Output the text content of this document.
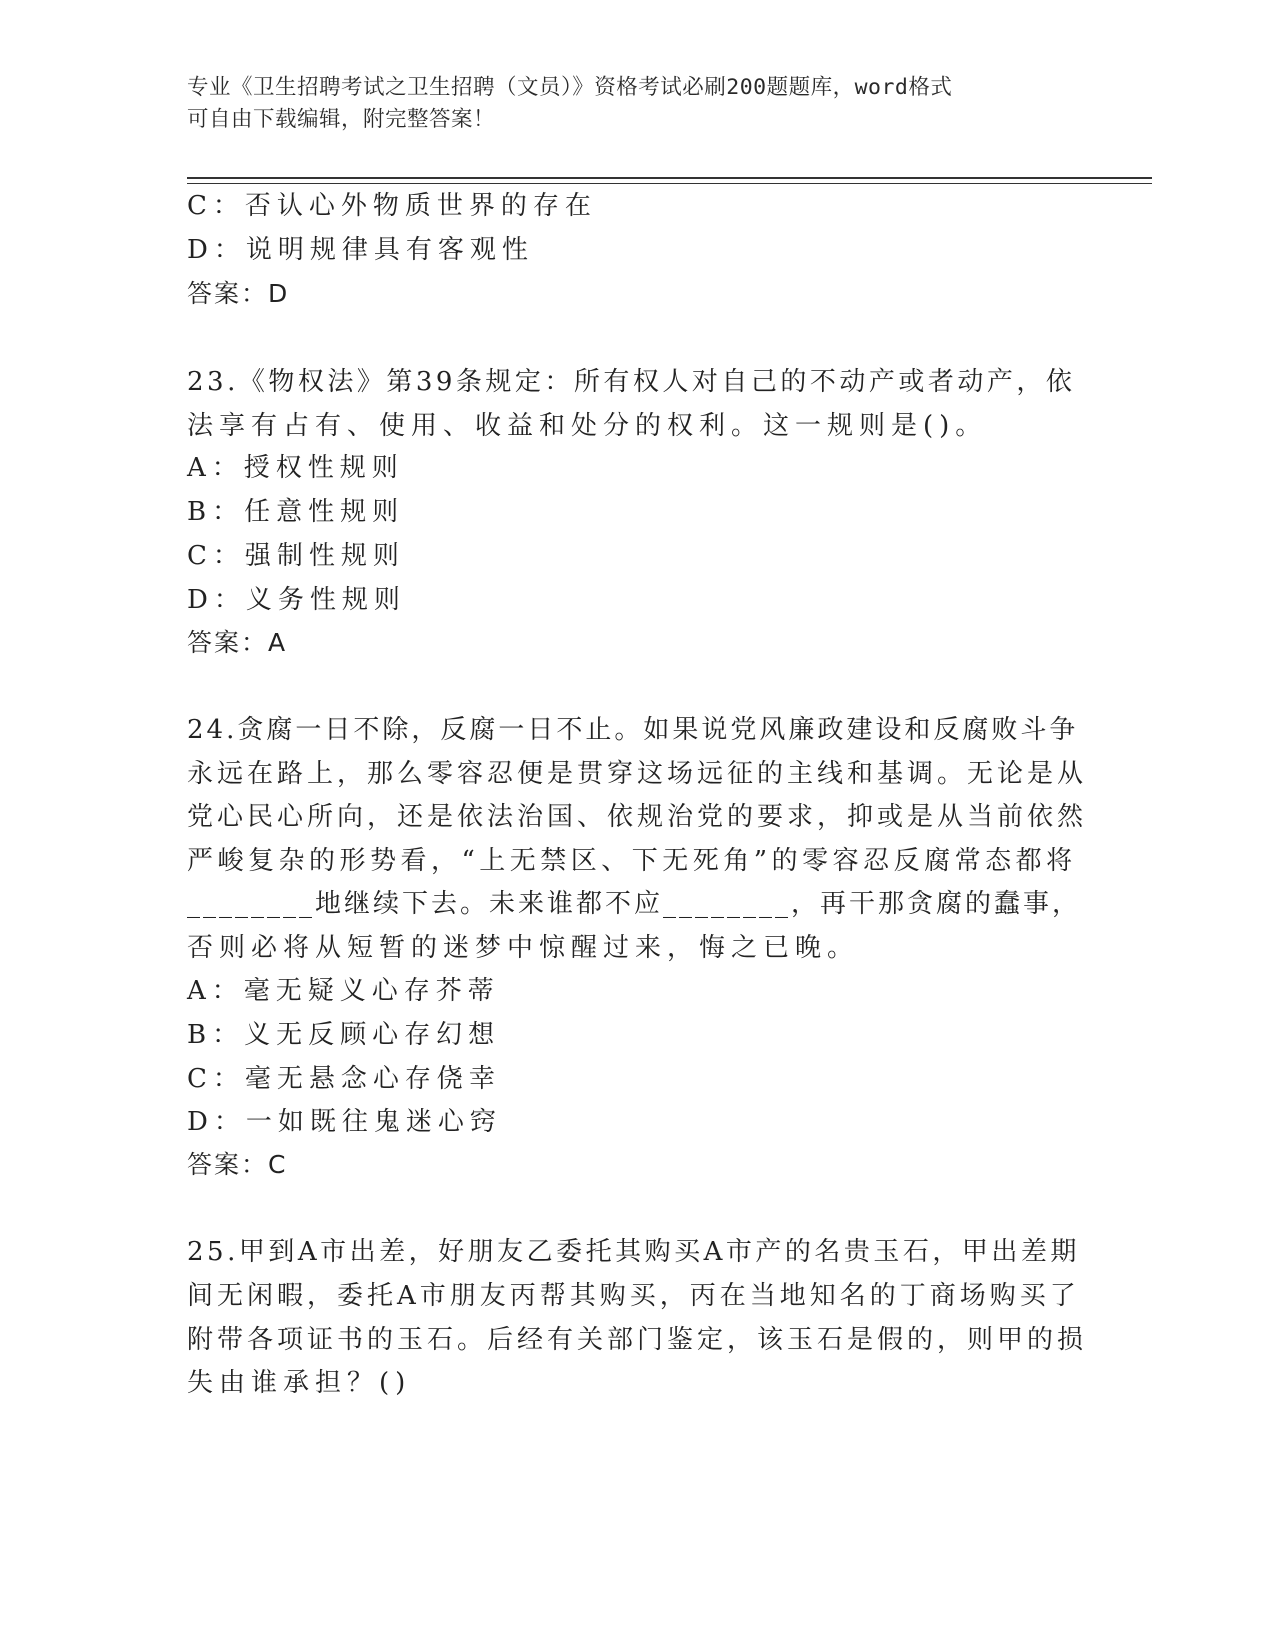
专业《卫生招聘考试之卫生招聘（文员）》资格考试必刷200题题库，word格式
可自由下载编辑，附完整答案！
C：否认心外物质世界的存在
D：说明规律具有客观性
答案：D
23.《物权法》第39条规定：所有权人对自己的不动产或者动产，依
法享有占有、使用、收益和处分的权利。这一规则是()。
A：授权性规则
B：任意性规则
C：强制性规则
D：义务性规则
答案：A
24.贪腐一日不除，反腐一日不止。如果说党风廉政建设和反腐败斗争
永远在路上，那么零容忍便是贯穿这场远征的主线和基调。无论是从
党心民心所向，还是依法治国、依规治党的要求，抑或是从当前依然
严峻复杂的形势看，“上无禁区、下无死角”的零容忍反腐常态都将
________地继续下去。未来谁都不应________，再干那贪腐的蠢事，
否则必将从短暂的迷梦中惊醒过来，悔之已晚。
A：毫无疑义心存芥蒂
B：义无反顾心存幻想
C：毫无悬念心存侥幸
D：一如既往鬼迷心窍
答案：C
25.甲到A市出差，好朋友乙委托其购买A市产的名贵玉石，甲出差期
间无闲暇，委托A市朋友丙帮其购买，丙在当地知名的丁商场购买了
附带各项证书的玉石。后经有关部门鉴定，该玉石是假的，则甲的损
失由谁承担？()
